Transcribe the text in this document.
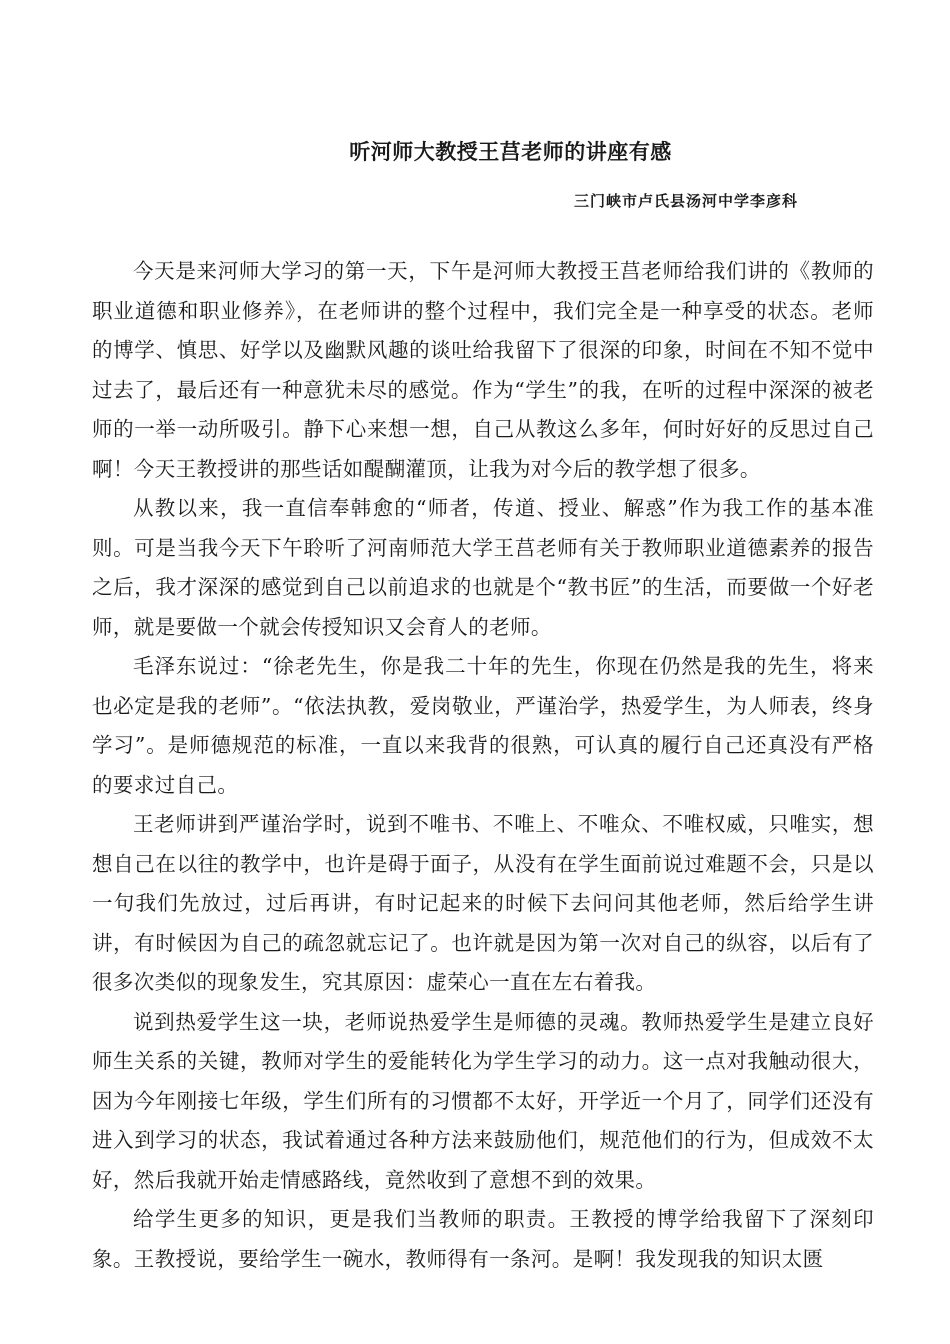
听河师大教授王莒老师的讲座有感
三门峡市卢氏县汤河中学李彦科

今天是来河师大学习的第一天，下午是河师大教授王莒老师给我们讲的《教师的职业道德和职业修养》，在老师讲的整个过程中，我们完全是一种享受的状态。老师的博学、慎思、好学以及幽默风趣的谈吐给我留下了很深的印象，时间在不知不觉中过去了，最后还有一种意犹未尽的感觉。作为“学生”的我，在听的过程中深深的被老师的一举一动所吸引。静下心来想一想，自己从教这么多年，何时好好的反思过自己啊！今天王教授讲的那些话如醍醐灌顶，让我为对今后的教学想了很多。

从教以来，我一直信奉韩愈的“师者，传道、授业、解惑”作为我工作的基本准则。可是当我今天下午聆听了河南师范大学王莒老师有关于教师职业道德素养的报告之后，我才深深的感觉到自己以前追求的也就是个“教书匠”的生活，而要做一个好老师，就是要做一个就会传授知识又会育人的老师。

毛泽东说过：“徐老先生，你是我二十年的先生，你现在仍然是我的先生，将来也必定是我的老师”。“依法执教，爱岗敬业，严谨治学，热爱学生，为人师表，终身学习”。是师德规范的标准，一直以来我背的很熟，可认真的履行自己还真没有严格的要求过自己。

王老师讲到严谨治学时，说到不唯书、不唯上、不唯众、不唯权威，只唯实，想想自己在以往的教学中，也许是碍于面子，从没有在学生面前说过难题不会，只是以一句我们先放过，过后再讲，有时记起来的时候下去问问其他老师，然后给学生讲讲，有时候因为自己的疏忽就忘记了。也许就是因为第一次对自己的纵容，以后有了很多次类似的现象发生，究其原因：虚荣心一直在左右着我。

说到热爱学生这一块，老师说热爱学生是师德的灵魂。教师热爱学生是建立良好师生关系的关键，教师对学生的爱能转化为学生学习的动力。这一点对我触动很大，因为今年刚接七年级，学生们所有的习惯都不太好，开学近一个月了，同学们还没有进入到学习的状态，我试着通过各种方法来鼓励他们，规范他们的行为，但成效不太好，然后我就开始走情感路线，竟然收到了意想不到的效果。

给学生更多的知识，更是我们当教师的职责。王教授的博学给我留下了深刻印象。王教授说，要给学生一碗水，教师得有一条河。是啊！我发现我的知识太匮
